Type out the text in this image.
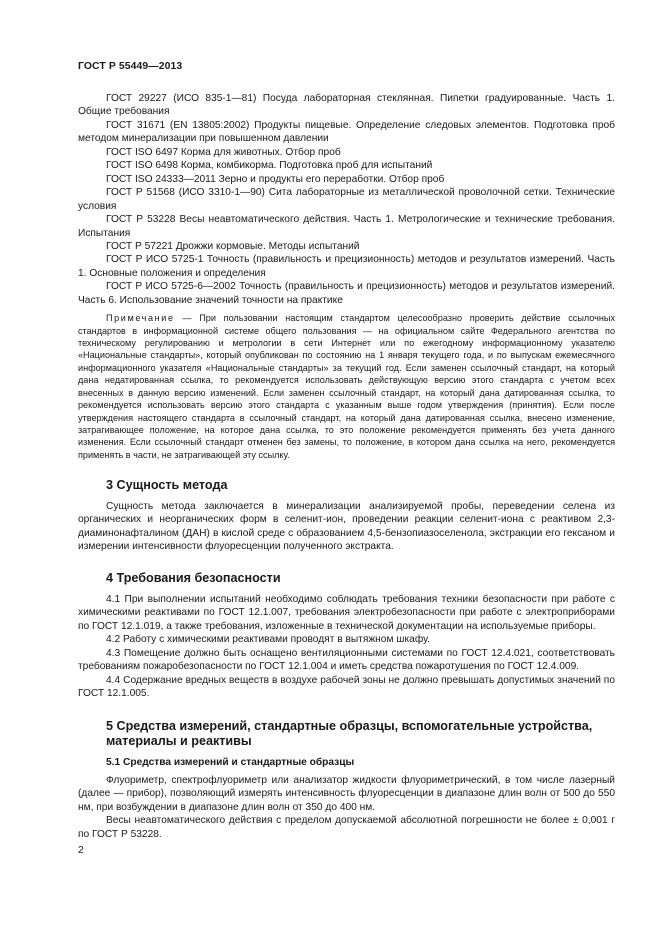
ГОСТ Р 55449—2013

ГОСТ 29227 (ИСО 835-1—81) Посуда лабораторная стеклянная. Пипетки градуированные. Часть 1. Общие требования

ГОСТ 31671 (EN 13805:2002) Продукты пищевые. Определение следовых элементов. Подготовка проб методом минерализации при повышенном давлении

ГОСТ ISO 6497 Корма для животных. Отбор проб

ГОСТ ISO 6498 Корма, комбикорма. Подготовка проб для испытаний

ГОСТ ISO 24333—2011 Зерно и продукты его переработки. Отбор проб

ГОСТ Р 51568 (ИСО 3310-1—90) Сита лабораторные из металлической проволочной сетки. Технические условия

ГОСТ Р 53228 Весы неавтоматического действия. Часть 1. Метрологические и технические требования. Испытания

ГОСТ Р 57221 Дрожжи кормовые. Методы испытаний

ГОСТ Р ИСО 5725-1 Точность (правильность и прецизионность) методов и результатов измерений. Часть 1. Основные положения и определения

ГОСТ Р ИСО 5725-6—2002 Точность (правильность и прецизионность) методов и результатов измерений. Часть 6. Использование значений точности на практике

Примечание — При пользовании настоящим стандартом целесообразно проверить действие ссылочных стандартов в информационной системе общего пользования — на официальном сайте Федерального агентства по техническому регулированию и метрологии в сети Интернет или по ежегодному информационному указателю «Национальные стандарты», который опубликован по состоянию на 1 января текущего года, и по выпускам ежемесячного информационного указателя «Национальные стандарты» за текущий год. Если заменен ссылочный стандарт, на который дана недатированная ссылка, то рекомендуется использовать действующую версию этого стандарта с учетом всех внесенных в данную версию изменений. Если заменен ссылочный стандарт, на который дана датированная ссылка, то рекомендуется использовать версию этого стандарта с указанным выше годом утверждения (принятия). Если после утверждения настоящего стандарта в ссылочный стандарт, на который дана датированная ссылка, внесено изменение, затрагивающее положение, на которое дана ссылка, то это положение рекомендуется применять без учета данного изменения. Если ссылочный стандарт отменен без замены, то положение, в котором дана ссылка на него, рекомендуется применять в части, не затрагивающей эту ссылку.

3 Сущность метода

Сущность метода заключается в минерализации анализируемой пробы, переведении селена из органических и неорганических форм в селенит-ион, проведении реакции селенит-иона с реактивом 2,3-диаминонафталином (ДАН) в кислой среде с образованием 4,5-бензопиазоселенола, экстракции его гексаном и измерении интенсивности флуоресценции полученного экстракта.

4 Требования безопасности

4.1 При выполнении испытаний необходимо соблюдать требования техники безопасности при работе с химическими реактивами по ГОСТ 12.1.007, требования электробезопасности при работе с электроприборами по ГОСТ 12.1.019, а также требования, изложенные в технической документации на используемые приборы.

4.2 Работу с химическими реактивами проводят в вытяжном шкафу.

4.3 Помещение должно быть оснащено вентиляционными системами по ГОСТ 12.4.021, соответствовать требованиям пожаробезопасности по ГОСТ 12.1.004 и иметь средства пожаротушения по ГОСТ 12.4.009.

4.4 Содержание вредных веществ в воздухе рабочей зоны не должно превышать допустимых значений по ГОСТ 12.1.005.

5 Средства измерений, стандартные образцы, вспомогательные устройства, материалы и реактивы
5.1 Средства измерений и стандартные образцы

Флуориметр, спектрофлуориметр или анализатор жидкости флуориметрический, в том числе лазерный (далее — прибор), позволяющий измерять интенсивность флуоресценции в диапазоне длин волн от 500 до 550 нм, при возбуждении в диапазоне длин волн от 350 до 400 нм.

Весы неавтоматического действия с пределом допускаемой абсолютной погрешности не более ± 0,001 г по ГОСТ Р 53228.

2
